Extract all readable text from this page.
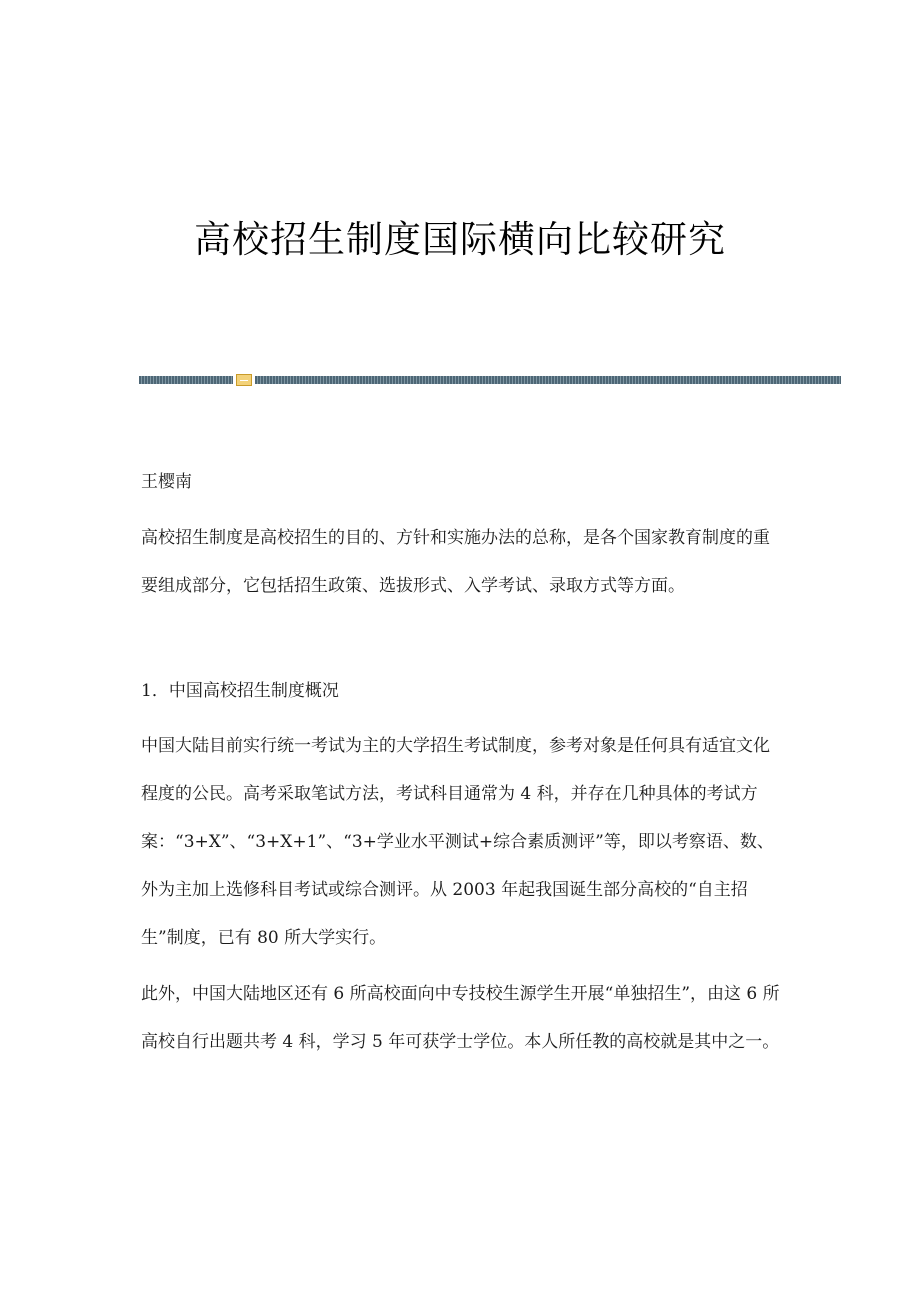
高校招生制度国际横向比较研究

王樱南

高校招生制度是高校招生的目的、方针和实施办法的总称，是各个国家教育制度的重要组成部分，它包括招生政策、选拔形式、入学考试、录取方式等方面。

1．中国高校招生制度概况

中国大陆目前实行统一考试为主的大学招生考试制度，参考对象是任何具有适宜文化程度的公民。高考采取笔试方法，考试科目通常为 4 科，并存在几种具体的考试方案：“3+X”、“3+X+1”、“3+学业水平测试+综合素质测评”等，即以考察语、数、外为主加上选修科目考试或综合测评。从 2003 年起我国诞生部分高校的“自主招生”制度，已有 80 所大学实行。

此外，中国大陆地区还有 6 所高校面向中专技校生源学生开展“单独招生”，由这 6 所高校自行出题共考 4 科，学习 5 年可获学士学位。本人所任教的高校就是其中之一。
